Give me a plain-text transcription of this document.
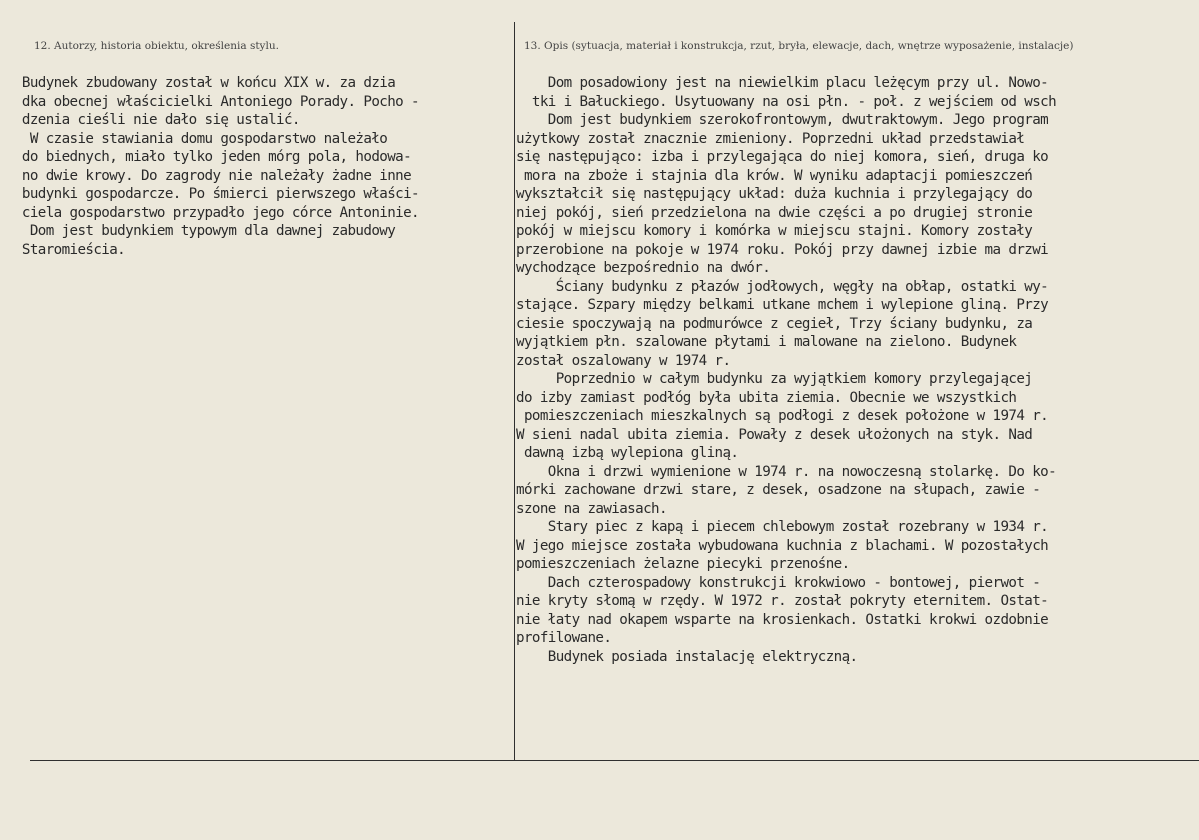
12. Autorzy, historia obiektu, określenia stylu.	13. Opis (sytuacja, materiał i konstrukcja, rzut, bryła, elewacje, dach, wnętrze wyposażenie, instalacje)
Budynek zbudowany został w końcu XIX w. za dzia
dka obecnej właścicielki Antoniego Porady. Pocho -
dzenia cieśli nie dało się ustalić.
W czasie stawiania domu gospodarstwo należało
do biednych, miało tylko jeden mórg pola, hodowa-
no dwie krowy. Do zagrody nie należały żadne inne
budynki gospodarcze. Po śmierci pierwszego właści-
ciela gospodarstwo przypadło jego córce Antoninie.
Dom jest budynkiem typowym dla dawnej zabudowy
Staromieścia.
Dom posadowiony jest na niewielkim placu leżęcym przy ul. Nowo-
tki i Bałuckiego. Usytuowany na osi płn. - poł. z wejściem od wsch
Dom jest budynkiem szerokofrontowym, dwutraktowym. Jego program
użytkowy został znacznie zmieniony. Poprzedni układ przedstawiał
się następująco: izba i przylegająca do niej komora, sień, druga ko
mora na zboże i stajnia dla krów. W wyniku adaptacji pomieszczeń
wykształcił się następujący układ: duża kuchnia i przylegający do
niej pokój, sień przedzielona na dwie części a po drugiej stronie
pokój w miejscu komory i komórka w miejscu stajni. Komory zostały
przerobione na pokoje w 1974 roku. Pokój przy dawnej izbie ma drzwi
wychodzące bezpośrednio na dwór.
Ściany budynku z płazów jodłowych, węgły na obłap, ostatki wy-
stające. Szpary między belkami utkane mchem i wylepione gliną. Przy
ciesie spoczywają na podmurówce z cegieł, Trzy ściany budynku, za
wyjątkiem płn. szalowane płytami i malowane na zielono. Budynek
został oszalowany w 1974 r.
Poprzednio w całym budynku za wyjątkiem komory przylegającej
do izby zamiast podłóg była ubita ziemia. Obecnie we wszystkich
pomieszczeniach mieszkalnych są podłogi z desek położone w 1974 r.
W sieni nadal ubita ziemia. Powały z desek ułożonych na styk. Nad
dawną izbą wylepiona gliną.
Okna i drzwi wymienione w 1974 r. na nowoczesną stolarkę. Do ko-
mórki zachowane drzwi stare, z desek, osadzone na słupach, zawie -
szone na zawiasach.
Stary piec z kapą i piecem chlebowym został rozebrany w 1934 r.
W jego miejsce została wybudowana kuchnia z blachami. W pozostałych
pomieszczeniach żelazne piecyki przenośne.
Dach czterospadowy konstrukcji krokwiowo - bontowej, pierwot -
nie kryty słomą w rzędy. W 1972 r. został pokryty eternitem. Ostat-
nie łaty nad okapem wsparte na krosienkach. Ostatki krokwi ozdobnie
profilowane.
Budynek posiada instalację elektryczną.
